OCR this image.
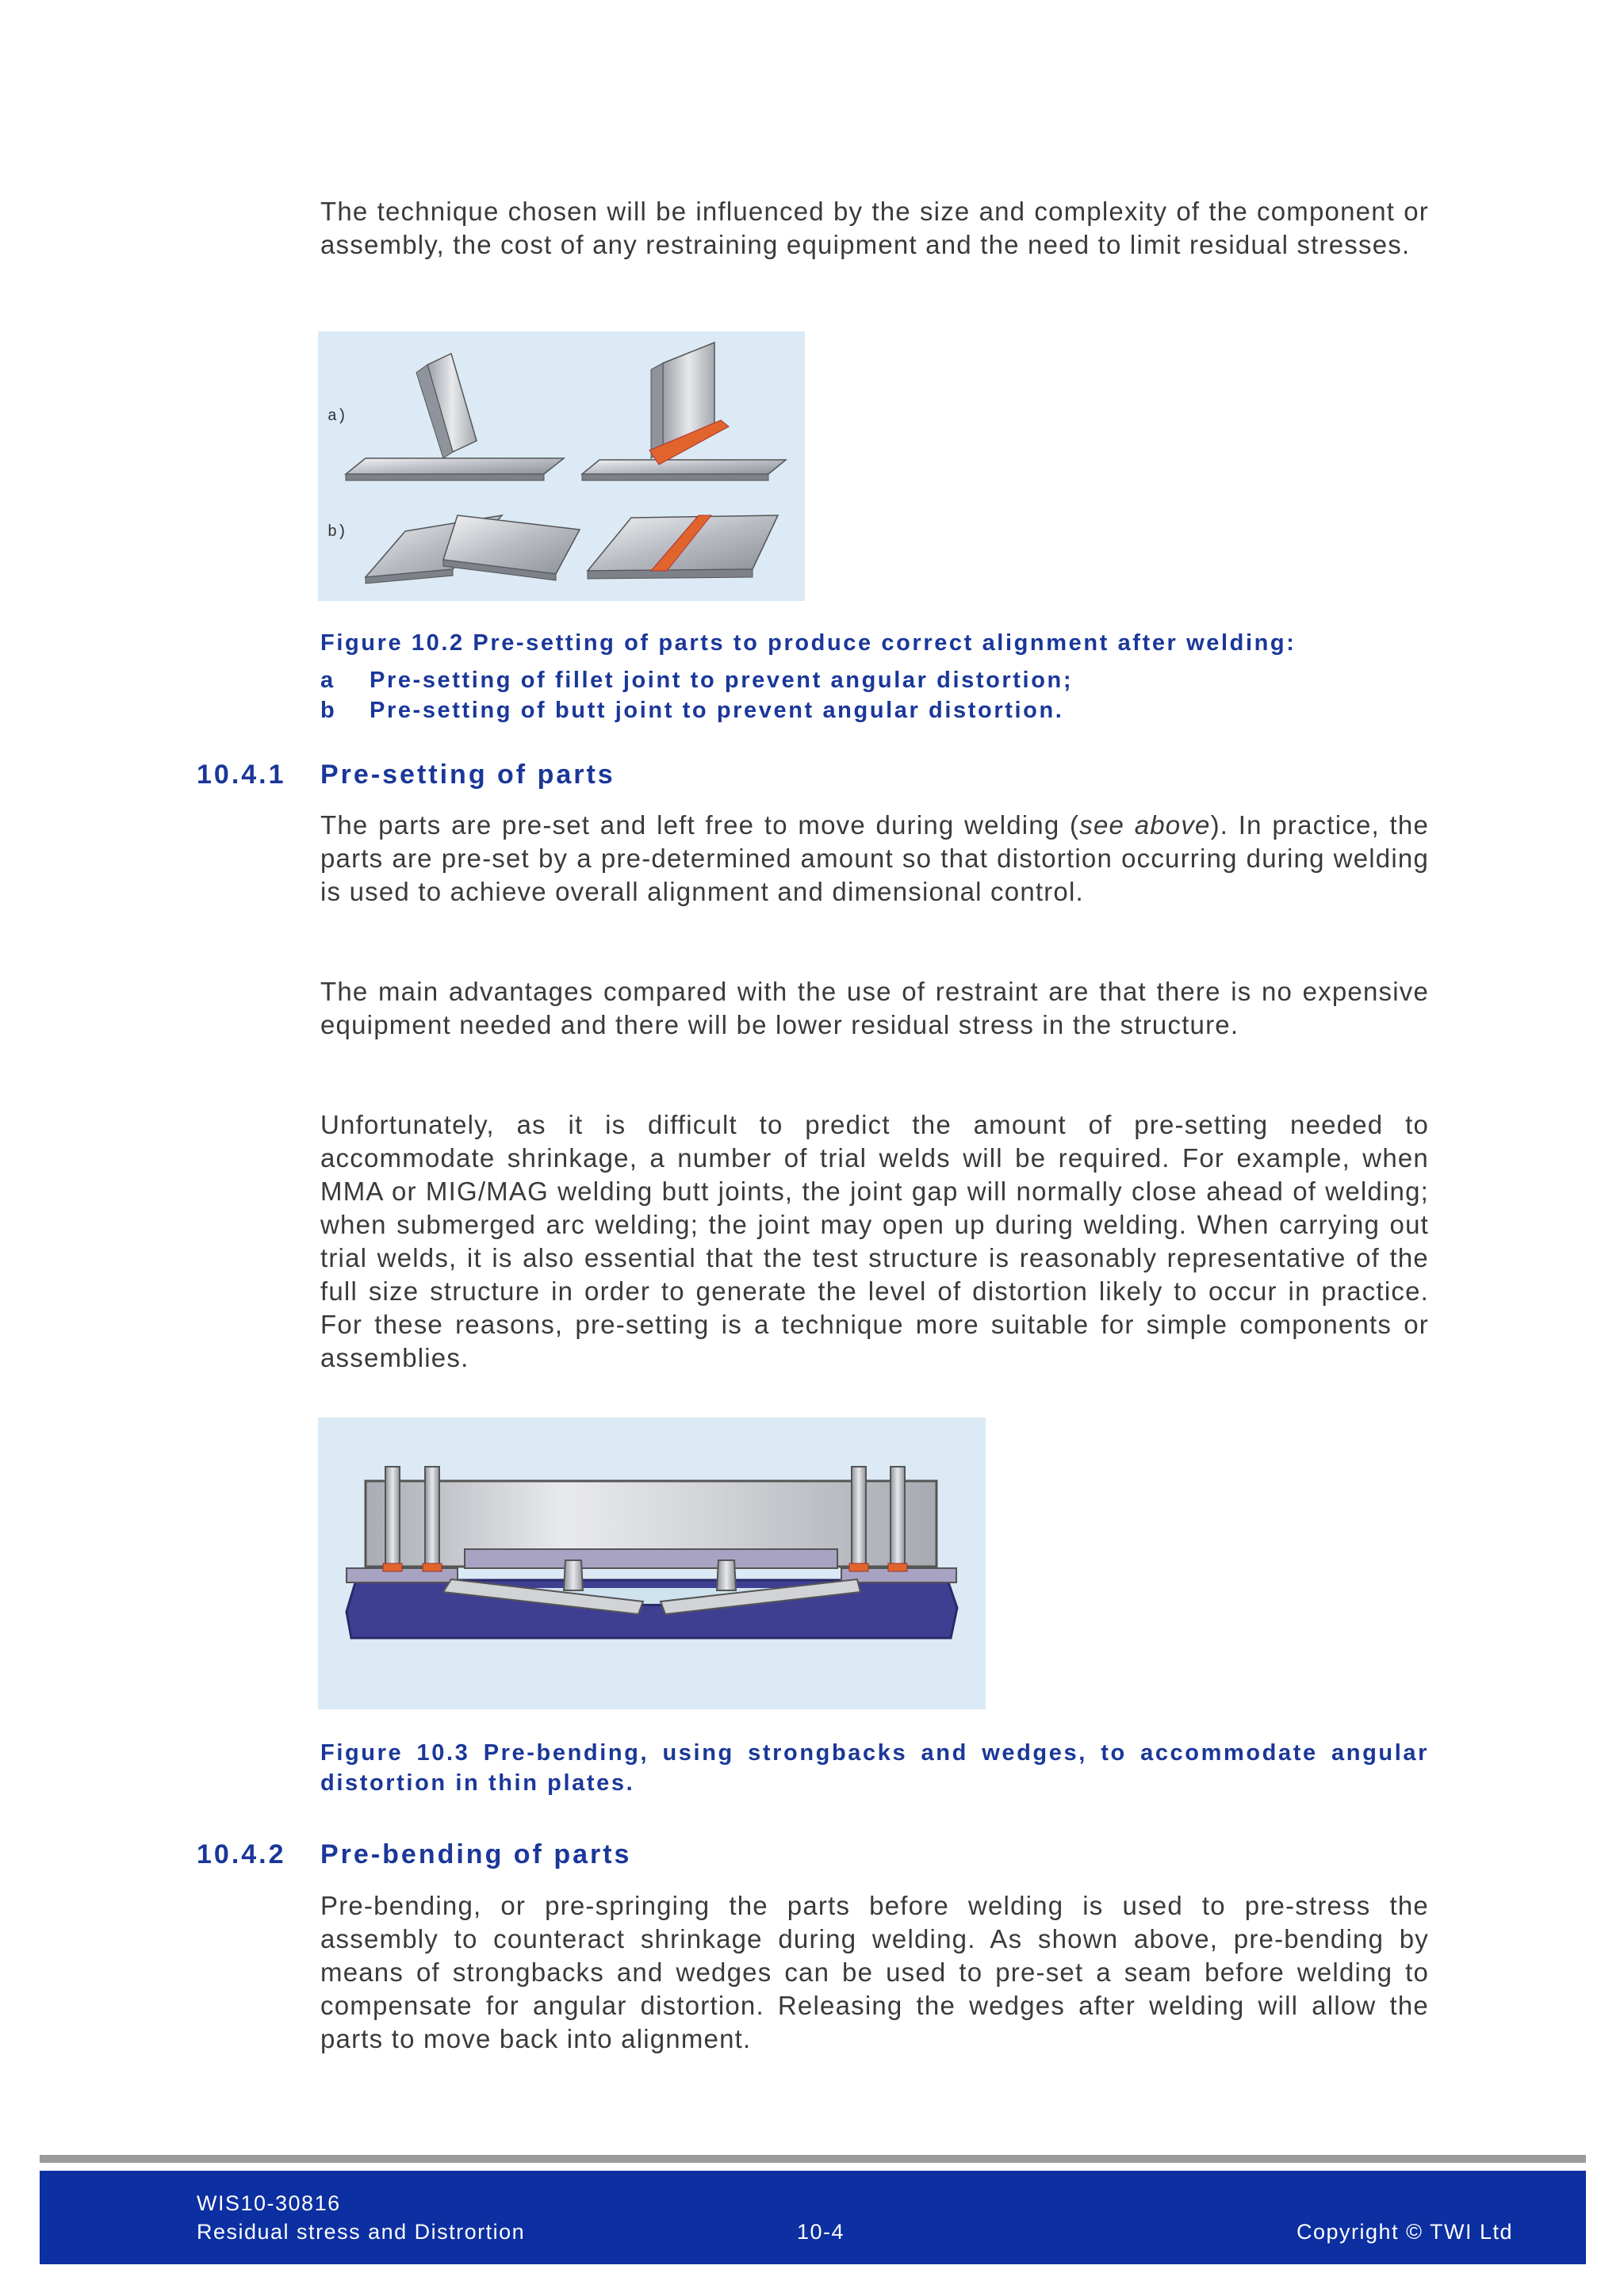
The technique chosen will be influenced by the size and complexity of the component or assembly, the cost of any restraining equipment and the need to limit residual stresses.

a)
b)

Figure 10.2 Pre-setting of parts to produce correct alignment after welding:

a Pre-setting of fillet joint to prevent angular distortion;
b Pre-setting of butt joint to prevent angular distortion.
10.4.1 Pre-setting of parts

The parts are pre-set and left free to move during welding (see above). In practice, the parts are pre-set by a pre-determined amount so that distortion occurring during welding is used to achieve overall alignment and dimensional control.

The main advantages compared with the use of restraint are that there is no expensive equipment needed and there will be lower residual stress in the structure.

Unfortunately, as it is difficult to predict the amount of pre-setting needed to accommodate shrinkage, a number of trial welds will be required. For example, when MMA or MIG/MAG welding butt joints, the joint gap will normally close ahead of welding; when submerged arc welding; the joint may open up during welding. When carrying out trial welds, it is also essential that the test structure is reasonably representative of the full size structure in order to generate the level of distortion likely to occur in practice. For these reasons, pre-setting is a technique more suitable for simple components or assemblies.

Figure 10.3 Pre-bending, using strongbacks and wedges, to accommodate angular distortion in thin plates.

10.4.2 Pre-bending of parts

Pre-bending, or pre-springing the parts before welding is used to pre-stress the assembly to counteract shrinkage during welding. As shown above, pre-bending by means of strongbacks and wedges can be used to pre-set a seam before welding to compensate for angular distortion. Releasing the wedges after welding will allow the parts to move back into alignment.

WIS10-30816
Residual stress and Distrortion	10-4	Copyright © TWI Ltd
